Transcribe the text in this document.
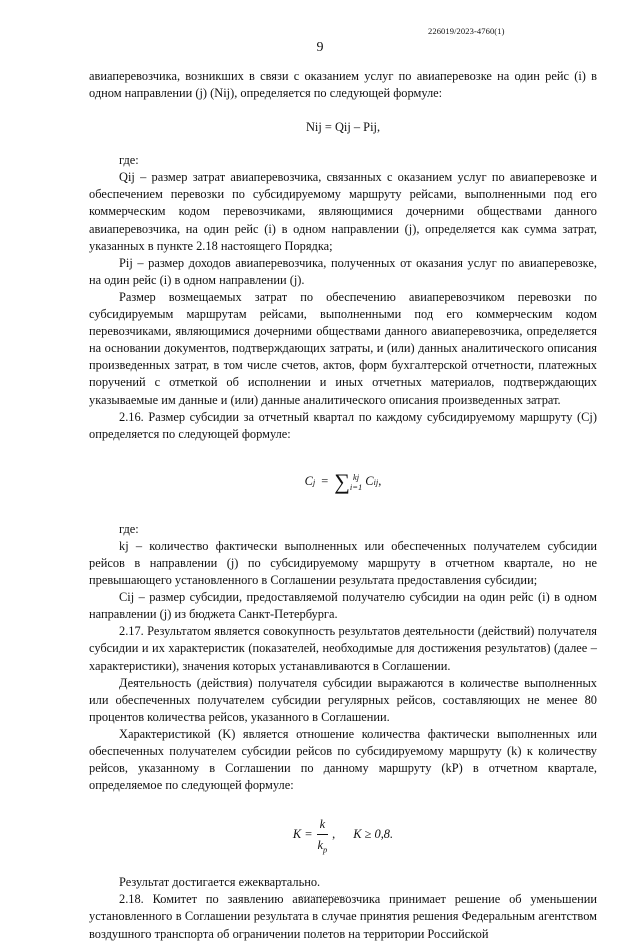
226019/2023-4760(1)
9

авиаперевозчика, возникших в связи с оказанием услуг по авиаперевозке на один рейс (i) в одном направлении (j) (Nij), определяется по следующей формуле:

Nij = Qij – Pij,

где:

Qij – размер затрат авиаперевозчика, связанных с оказанием услуг по авиаперевозке и обеспечением перевозки по субсидируемому маршруту рейсами, выполненными под его коммерческим кодом перевозчиками, являющимися дочерними обществами данного авиаперевозчика, на один рейс (i) в одном направлении (j), определяется как сумма затрат, указанных в пункте 2.18 настоящего Порядка;

Pij – размер доходов авиаперевозчика, полученных от оказания услуг по авиаперевозке, на один рейс (i) в одном направлении (j).

Размер возмещаемых затрат по обеспечению авиаперевозчиком перевозки по субсидируемым маршрутам рейсами, выполненными под его коммерческим кодом перевозчиками, являющимися дочерними обществами данного авиаперевозчика, определяется на основании документов, подтверждающих затраты, и (или) данных аналитического описания произведенных затрат, в том числе счетов, актов, форм бухгалтерской отчетности, платежных поручений с отметкой об исполнении и иных отчетных материалов, подтверждающих указываемые им данные и (или) данные аналитического описания произведенных затрат.

2.16. Размер субсидии за отчетный квартал по каждому субсидируемому маршруту (Cj) определяется по следующей формуле:

C j = ∑ kj
i=1 C ij ,

где:

kj – количество фактически выполненных или обеспеченных получателем субсидии рейсов в направлении (j) по субсидируемому маршруту в отчетном квартале, но не превышающего установленного в Соглашении результата предоставления субсидии;

Cij – размер субсидии, предоставляемой получателю субсидии на один рейс (i) в одном направлении (j) из бюджета Санкт-Петербурга.

2.17. Результатом является совокупность результатов деятельности (действий) получателя субсидии и их характеристик (показателей, необходимые для достижения результатов) (далее – характеристики), значения которых устанавливаются в Соглашении.

Деятельность (действия) получателя субсидии выражаются в количестве выполненных или обеспеченных получателем субсидии регулярных рейсов, составляющих не менее 80 процентов количества рейсов, указанного в Соглашении.

Характеристикой (K) является отношение количества фактически выполненных или обеспеченных получателем субсидии рейсов по субсидируемому маршруту (k) к количеству рейсов, указанному в Соглашении по данному маршруту (kP) в отчетном квартале, определяемое по следующей формуле:

$K = \frac{k}{k_p}$ , K ≥ 0,8.

Результат достигается ежеквартально.

2.18. Комитет по заявлению авиаперевозчика принимает решение об уменьшении установленного в Соглашении результата в случае принятия решения Федеральным агентством воздушного транспорта об ограничении полетов на территории Российской
